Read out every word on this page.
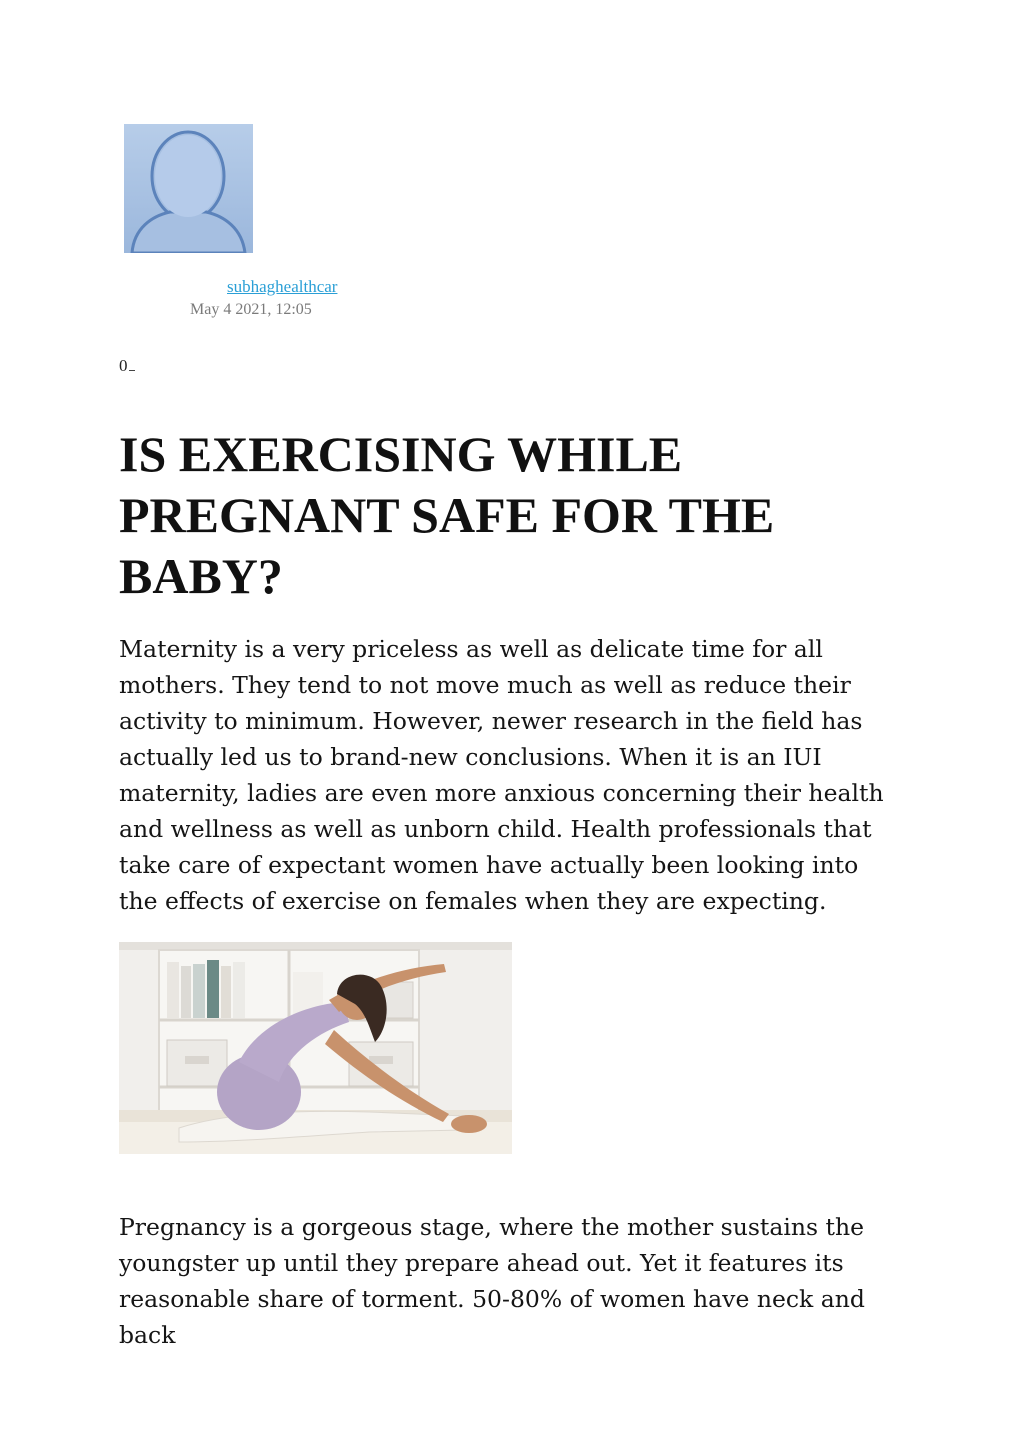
subhaghealthcar
May 4 2021, 12:05
0
IS EXERCISING WHILE PREGNANT SAFE FOR THE BABY?

Maternity is a very priceless as well as delicate time for all mothers. They tend to not move much as well as reduce their activity to minimum. However, newer research in the field has actually led us to brand-new conclusions. When it is an IUI maternity, ladies are even more anxious concerning their health and wellness as well as unborn child. Health professionals that take care of expectant women have actually been looking into the effects of exercise on females when they are expecting.

Pregnancy is a gorgeous stage, where the mother sustains the youngster up until they prepare ahead out. Yet it features its reasonable share of torment. 50-80% of women have neck and back
